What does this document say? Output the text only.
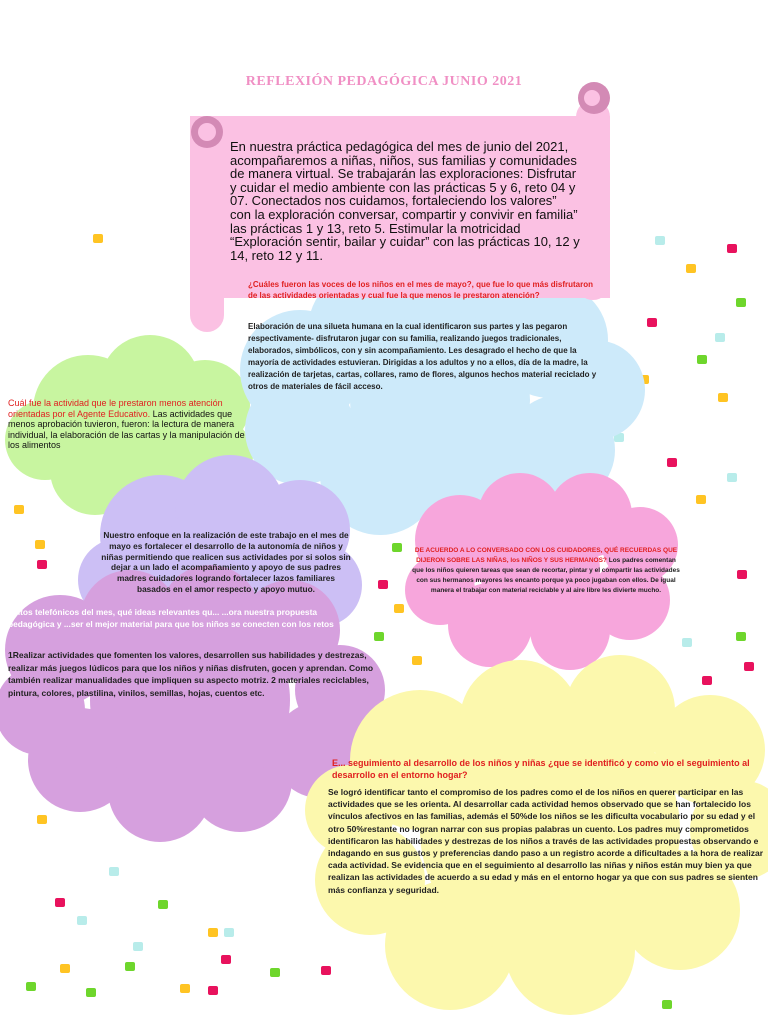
REFLEXIÓN PEDAGÓGICA JUNIO 2021

En nuestra práctica pedagógica del mes de junio del 2021, acompañaremos a niñas, niños, sus familias y comunidades de manera virtual. Se trabajarán las exploraciones: Disfrutar y cuidar el medio ambiente con las prácticas 5 y 6, reto 04 y 07. Conectados nos cuidamos, fortaleciendo los valores” con la exploración conversar, compartir y convivir en familia” las prácticas 1 y 13, reto 5. Estimular la motricidad “Exploración sentir, bailar y cuidar” con las prácticas 10, 12 y 14, reto 12 y 11.

¿Cuáles fueron las voces de los niños en el mes de mayo?, que fue lo que más disfrutaron de las actividades orientadas y cual fue la que menos le prestaron atención?

Elaboración de una silueta humana en la cual identificaron sus partes y las pegaron respectivamente- disfrutaron jugar con su familia, realizando juegos tradicionales, elaborados, simbólicos, con y sin acompañamiento. Les desagrado el hecho de que la mayoría de actividades estuvieran. Dirigidas a los adultos y no a ellos, día de la madre, la realización de tarjetas, cartas, collares, ramo de flores, algunos hechos material reciclado y otros de materiales de fácil acceso.

Cuál fue la actividad que le prestaron menos atención orientadas por el Agente Educativo. Las actividades que menos aprobación tuvieron, fueron: la lectura de manera individual, la elaboración de las cartas y la manipulación de los alimentos

Nuestro enfoque en la realización de este trabajo en el mes de mayo es fortalecer el desarrollo de la autonomía de niños y niñas permitiendo que realicen sus actividades por si solos sin dejar a un lado el acompañamiento y apoyo de sus padres madres cuidadores logrando fortalecer lazos familiares basados en el amor respecto y apoyo mutuo.

DE ACUERDO A LO CONVERSADO CON LOS CUIDADORES, QUÉ RECUERDAS QUE DIJERON SOBRE LAS NIÑAS, los NIÑOS Y SUS HERMANOS? Los padres comentan que los niños quieren tareas que sean de recortar, pintar y el compartir las actividades con sus hermanos mayores les encanto porque ya poco jugaban con ellos. De igual manera el trabajar con material reciclable y al aire libre les divierte mucho.

...ntos telefónicos del mes, qué ideas relevantes qu... ...ora nuestra propuesta pedagógica y ...ser el mejor material para que los niños se conecten con los retos

1Realizar actividades que fomenten los valores, desarrollen sus habilidades y destrezas, realizar más juegos lúdicos para que los niños y niñas disfruten, gocen y aprendan. Como también realizar manualidades que impliquen su aspecto motriz. 2 materiales reciclables, pintura, colores, plastilina, vinilos, semillas, hojas, cuentos etc.

E... seguimiento al desarrollo de los niños y niñas ¿que se identificó y como vio el seguimiento al desarrollo en el entorno hogar?

Se logró identificar tanto el compromiso de los padres como el de los niños en querer participar en las actividades que se les orienta. Al desarrollar cada actividad hemos observado que se han fortalecido los vínculos afectivos en las familias, además el 50%de los niños se les dificulta vocabulario por su edad y el otro 50%restante no logran narrar con sus propias palabras un cuento. Los padres muy comprometidos identificaron las habilidades y destrezas de los niños a través de las actividades propuestas observando e indagando en sus gustos y preferencias dando paso a un registro acorde a dificultades a la hora de realizar cada actividad. Se evidencia que en el seguimiento al desarrollo las niñas y niños están muy bien ya que realizan las actividades de acuerdo a su edad y más en el entorno hogar ya que con sus padres se sienten más confianza y seguridad.
